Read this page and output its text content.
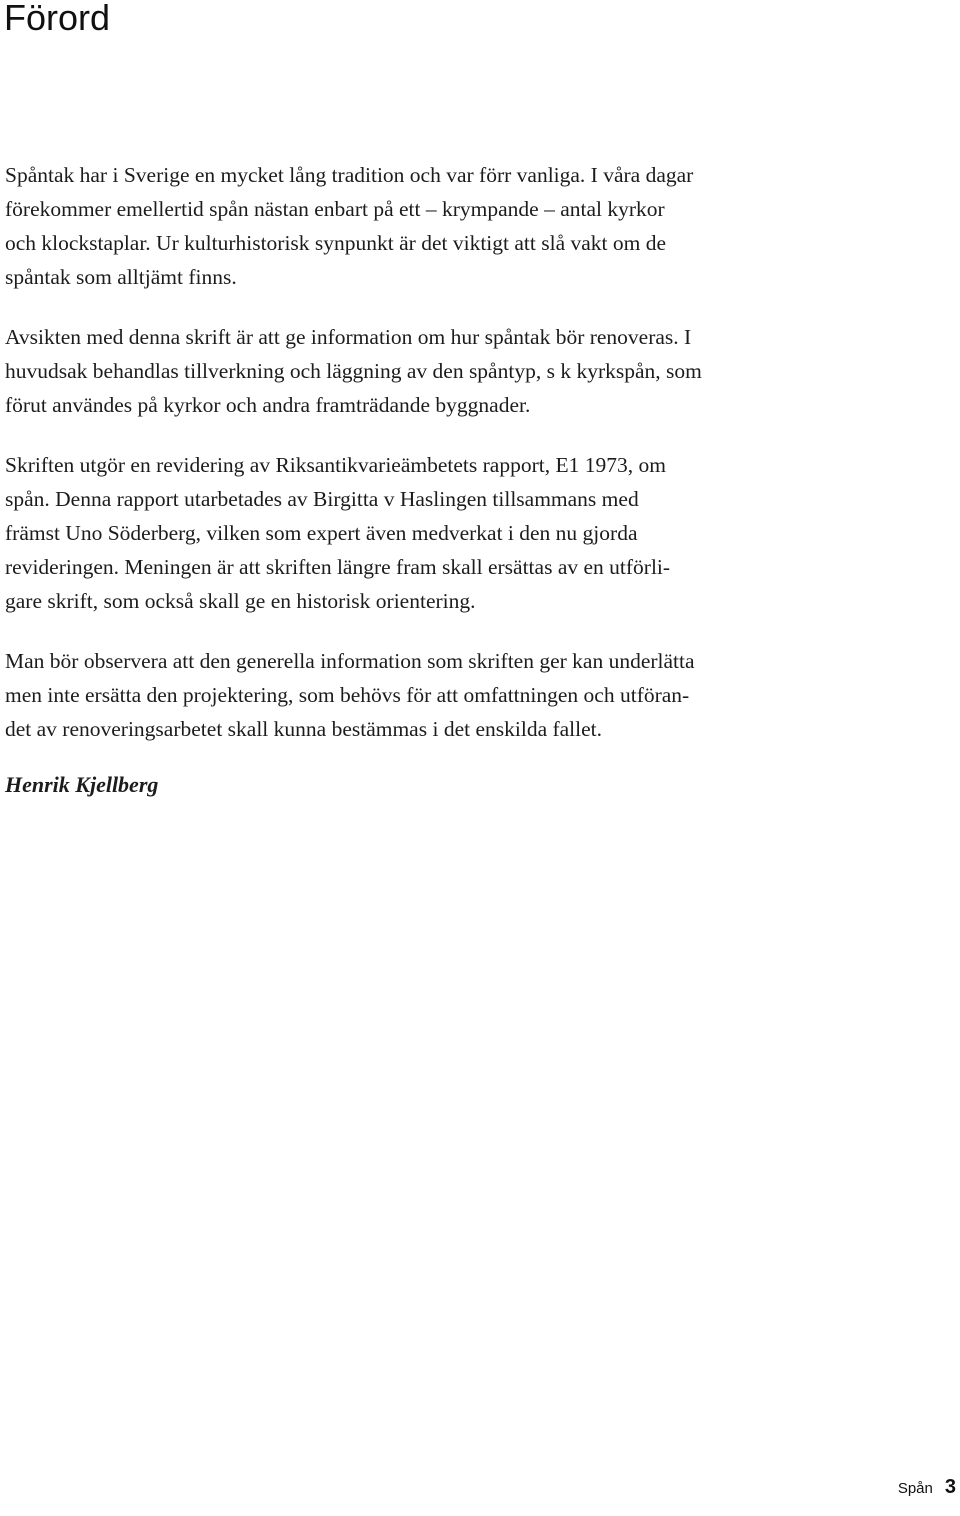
Förord

Spåntak har i Sverige en mycket lång tradition och var förr vanliga. I våra dagar
förekommer emellertid spån nästan enbart på ett – krympande – antal kyrkor
och klockstaplar. Ur kulturhistorisk synpunkt är det viktigt att slå vakt om de
spåntak som alltjämt finns.

Avsikten med denna skrift är att ge information om hur spåntak bör renoveras. I
huvudsak behandlas tillverkning och läggning av den spåntyp, s k kyrkspån, som
förut användes på kyrkor och andra framträdande byggnader.

Skriften utgör en revidering av Riksantikvarieämbetets rapport, E1 1973, om
spån. Denna rapport utarbetades av Birgitta v Haslingen tillsammans med
främst Uno Söderberg, vilken som expert även medverkat i den nu gjorda
revideringen. Meningen är att skriften längre fram skall ersättas av en utförli-
gare skrift, som också skall ge en historisk orientering.

Man bör observera att den generella information som skriften ger kan underlätta
men inte ersätta den projektering, som behövs för att omfattningen och utföran-
det av renoveringsarbetet skall kunna bestämmas i det enskilda fallet.

Henrik Kjellberg

Spån 3
